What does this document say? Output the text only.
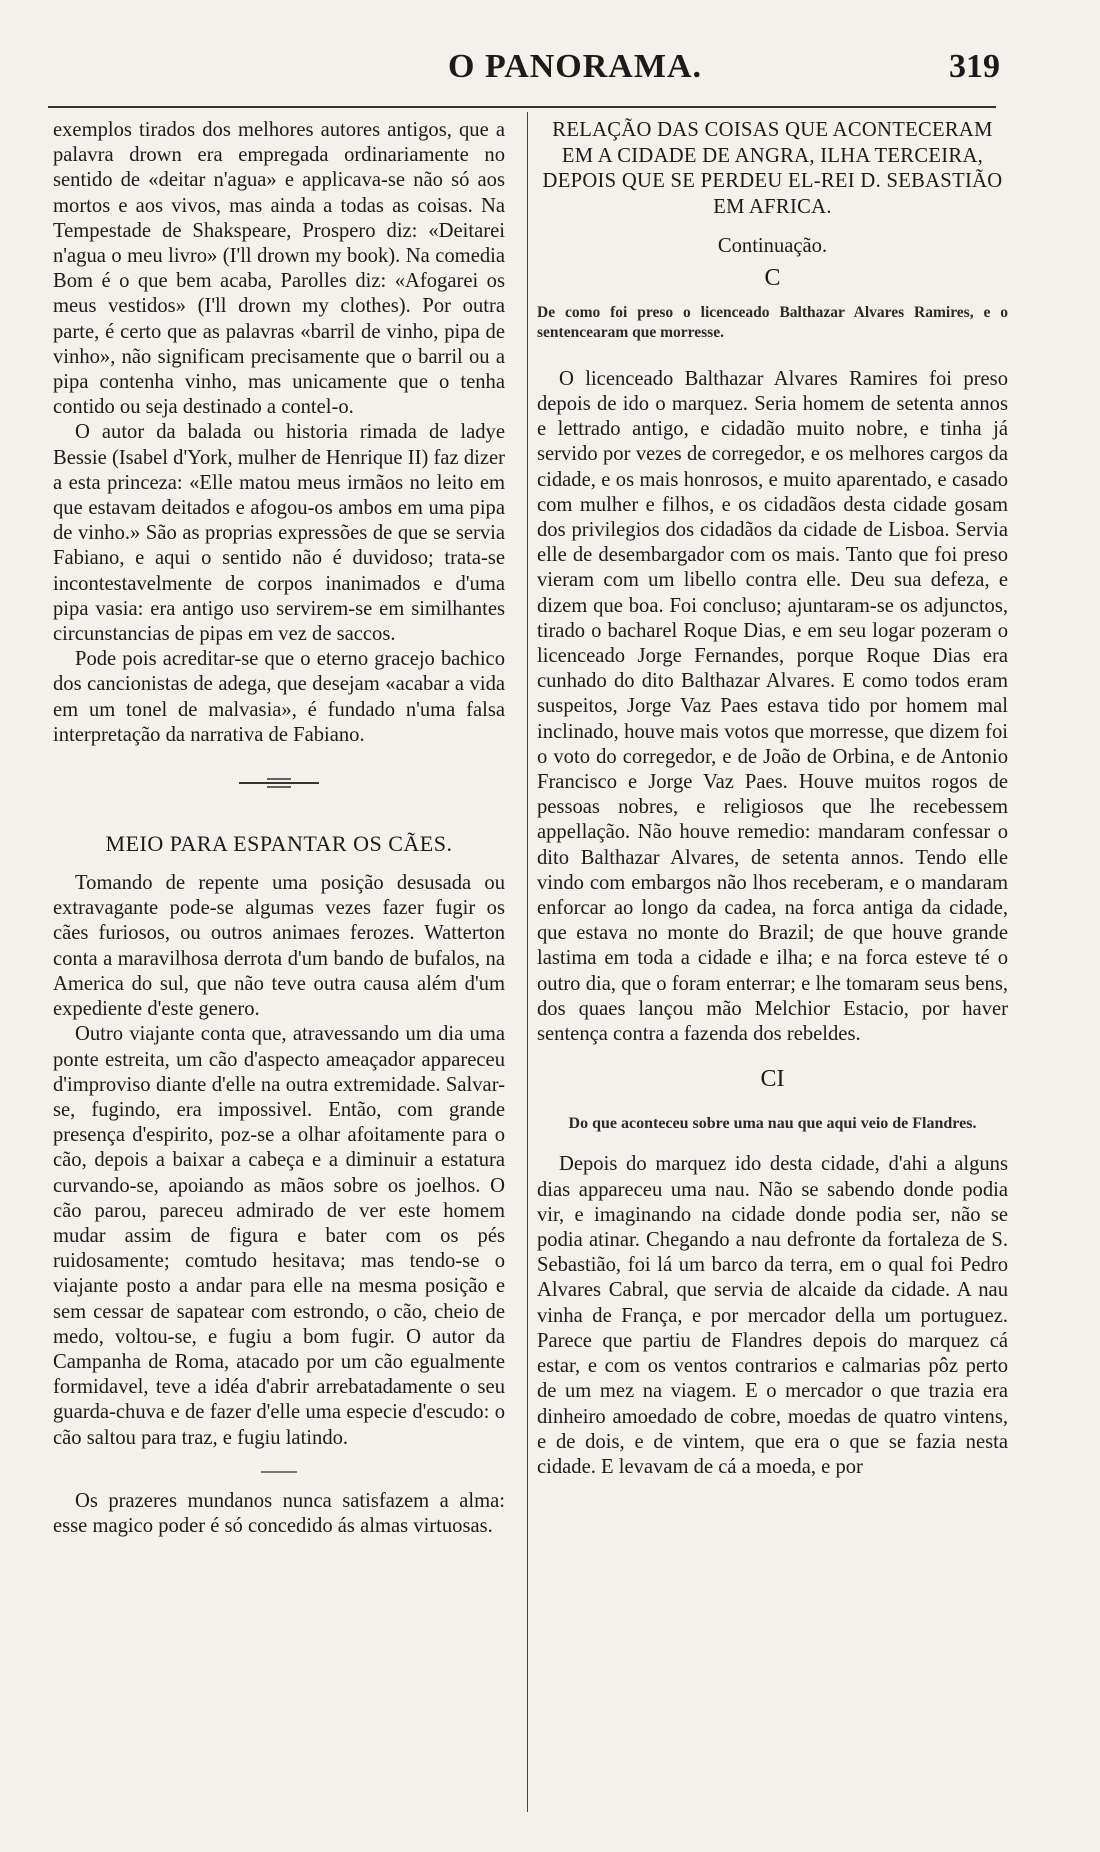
O PANORAMA.	319

exemplos tirados dos melhores autores antigos, que a palavra drown era empregada ordinariamente no sentido de «deitar n'agua» e applicava-se não só aos mortos e aos vivos, mas ainda a todas as coisas. Na Tempestade de Shakspeare, Prospero diz: «Deitarei n'agua o meu livro» (I'll drown my book). Na comedia Bom é o que bem acaba, Parolles diz: «Afogarei os meus vestidos» (I'll drown my clothes). Por outra parte, é certo que as palavras «barril de vinho, pipa de vinho», não significam precisamente que o barril ou a pipa contenha vinho, mas unicamente que o tenha contido ou seja destinado a contel-o.

O autor da balada ou historia rimada de ladye Bessie (Isabel d'York, mulher de Henrique II) faz dizer a esta princeza: «Elle matou meus irmãos no leito em que estavam deitados e afogou-os ambos em uma pipa de vinho.» São as proprias expressões de que se servia Fabiano, e aqui o sentido não é duvidoso; trata-se incontestavelmente de corpos inanimados e d'uma pipa vasia: era antigo uso servirem-se em similhantes circunstancias de pipas em vez de saccos.

Pode pois acreditar-se que o eterno gracejo bachico dos cancionistas de adega, que desejam «acabar a vida em um tonel de malvasia», é fundado n'uma falsa interpretação da narrativa de Fabiano.

MEIO PARA ESPANTAR OS CÃES.

Tomando de repente uma posição desusada ou extravagante pode-se algumas vezes fazer fugir os cães furiosos, ou outros animaes ferozes. Watterton conta a maravilhosa derrota d'um bando de bufalos, na America do sul, que não teve outra causa além d'um expediente d'este genero.

Outro viajante conta que, atravessando um dia uma ponte estreita, um cão d'aspecto ameaçador appareceu d'improviso diante d'elle na outra extremidade. Salvar-se, fugindo, era impossivel. Então, com grande presença d'espirito, poz-se a olhar afoitamente para o cão, depois a baixar a cabeça e a diminuir a estatura curvando-se, apoiando as mãos sobre os joelhos. O cão parou, pareceu admirado de ver este homem mudar assim de figura e bater com os pés ruidosamente; comtudo hesitava; mas tendo-se o viajante posto a andar para elle na mesma posição e sem cessar de sapatear com estrondo, o cão, cheio de medo, voltou-se, e fugiu a bom fugir. O autor da Campanha de Roma, atacado por um cão egualmente formidavel, teve a idéa d'abrir arrebatadamente o seu guarda-chuva e de fazer d'elle uma especie d'escudo: o cão saltou para traz, e fugiu latindo.

Os prazeres mundanos nunca satisfazem a alma: esse magico poder é só concedido ás almas virtuosas.

RELAÇÃO DAS COISAS QUE ACONTECERAM EM A CIDADE DE ANGRA, ILHA TERCEIRA, DEPOIS QUE SE PERDEU EL-REI D. SEBASTIÃO EM AFRICA.
Continuação.
C

De como foi preso o licenceado Balthazar Alvares Ramires, e o sentencearam que morresse.

O licenceado Balthazar Alvares Ramires foi preso depois de ido o marquez. Seria homem de setenta annos e lettrado antigo, e cidadão muito nobre, e tinha já servido por vezes de corregedor, e os melhores cargos da cidade, e os mais honrosos, e muito aparentado, e casado com mulher e filhos, e os cidadãos desta cidade gosam dos privilegios dos cidadãos da cidade de Lisboa. Servia elle de desembargador com os mais. Tanto que foi preso vieram com um libello contra elle. Deu sua defeza, e dizem que boa. Foi concluso; ajuntaram-se os adjunctos, tirado o bacharel Roque Dias, e em seu logar pozeram o licenceado Jorge Fernandes, porque Roque Dias era cunhado do dito Balthazar Alvares. E como todos eram suspeitos, Jorge Vaz Paes estava tido por homem mal inclinado, houve mais votos que morresse, que dizem foi o voto do corregedor, e de João de Orbina, e de Antonio Francisco e Jorge Vaz Paes. Houve muitos rogos de pessoas nobres, e religiosos que lhe recebessem appellação. Não houve remedio: mandaram confessar o dito Balthazar Alvares, de setenta annos. Tendo elle vindo com embargos não lhos receberam, e o mandaram enforcar ao longo da cadea, na forca antiga da cidade, que estava no monte do Brazil; de que houve grande lastima em toda a cidade e ilha; e na forca esteve té o outro dia, que o foram enterrar; e lhe tomaram seus bens, dos quaes lançou mão Melchior Estacio, por haver sentença contra a fazenda dos rebeldes.

CI

Do que aconteceu sobre uma nau que aqui veio de Flandres.

Depois do marquez ido desta cidade, d'ahi a alguns dias appareceu uma nau. Não se sabendo donde podia vir, e imaginando na cidade donde podia ser, não se podia atinar. Chegando a nau defronte da fortaleza de S. Sebastião, foi lá um barco da terra, em o qual foi Pedro Alvares Cabral, que servia de alcaide da cidade. A nau vinha de França, e por mercador della um portuguez. Parece que partiu de Flandres depois do marquez cá estar, e com os ventos contrarios e calmarias pôz perto de um mez na viagem. E o mercador o que trazia era dinheiro amoedado de cobre, moedas de quatro vintens, e de dois, e de vintem, que era o que se fazia nesta cidade. E levavam de cá a moeda, e por
